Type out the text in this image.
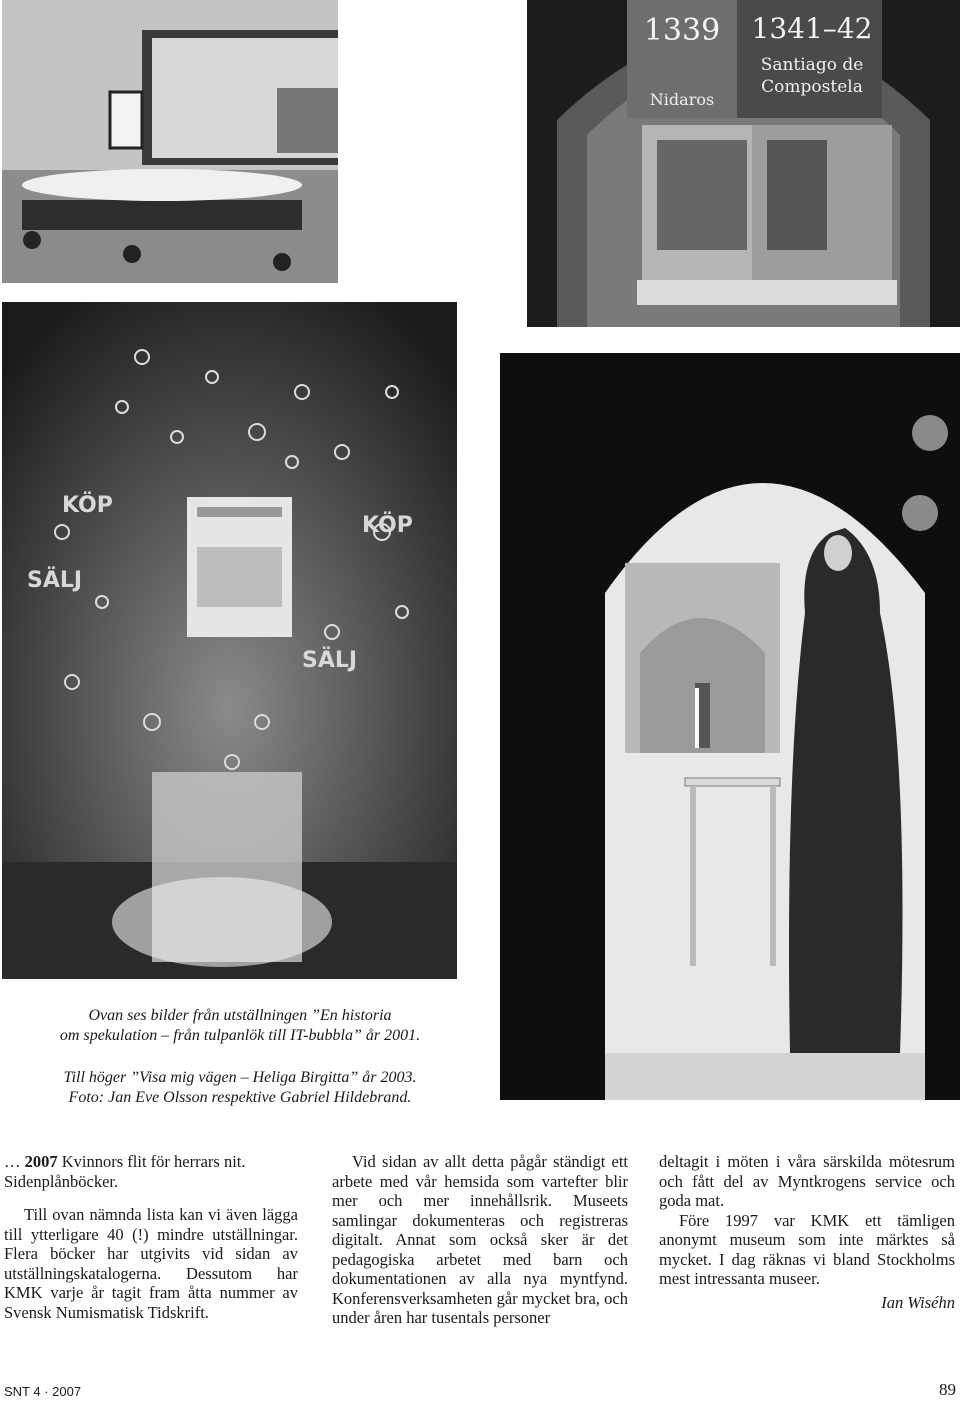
1339 1341–42
Nidaros
Santiago de
Compostela
KÖP
KÖP
SÄLJ
SÄLJ

Ovan ses bilder från utställningen ”En historia
om spekulation – från tulpanlök till IT-bubbla” år 2001.

Till höger ”Visa mig vägen – Heliga Birgitta” år 2003.
Foto: Jan Eve Olsson respektive Gabriel Hildebrand.

… 2007 Kvinnors flit för herrars nit. Sidenplånböcker.

Till ovan nämnda lista kan vi även lägga till ytterligare 40 (!) mindre utställningar. Flera böcker har utgivits vid sidan av utställningskatalogerna. Dessutom har KMK varje år tagit fram åtta nummer av Svensk Numismatisk Tidskrift.

Vid sidan av allt detta pågår ständigt ett arbete med vår hemsida som vartefter blir mer och mer innehållsrik. Museets samlingar dokumenteras och registreras digitalt. Annat som också sker är det pedagogiska arbetet med barn och dokumentationen av alla nya myntfynd. Konferensverksamheten går mycket bra, och under åren har tusentals personer

deltagit i möten i våra särskilda mötesrum och fått del av Myntkrogens service och goda mat.

Före 1997 var KMK ett tämligen anonymt museum som inte märktes så mycket. I dag räknas vi bland Stockholms mest intressanta museer.

Ian Wiséhn

SNT 4 · 2007	89
